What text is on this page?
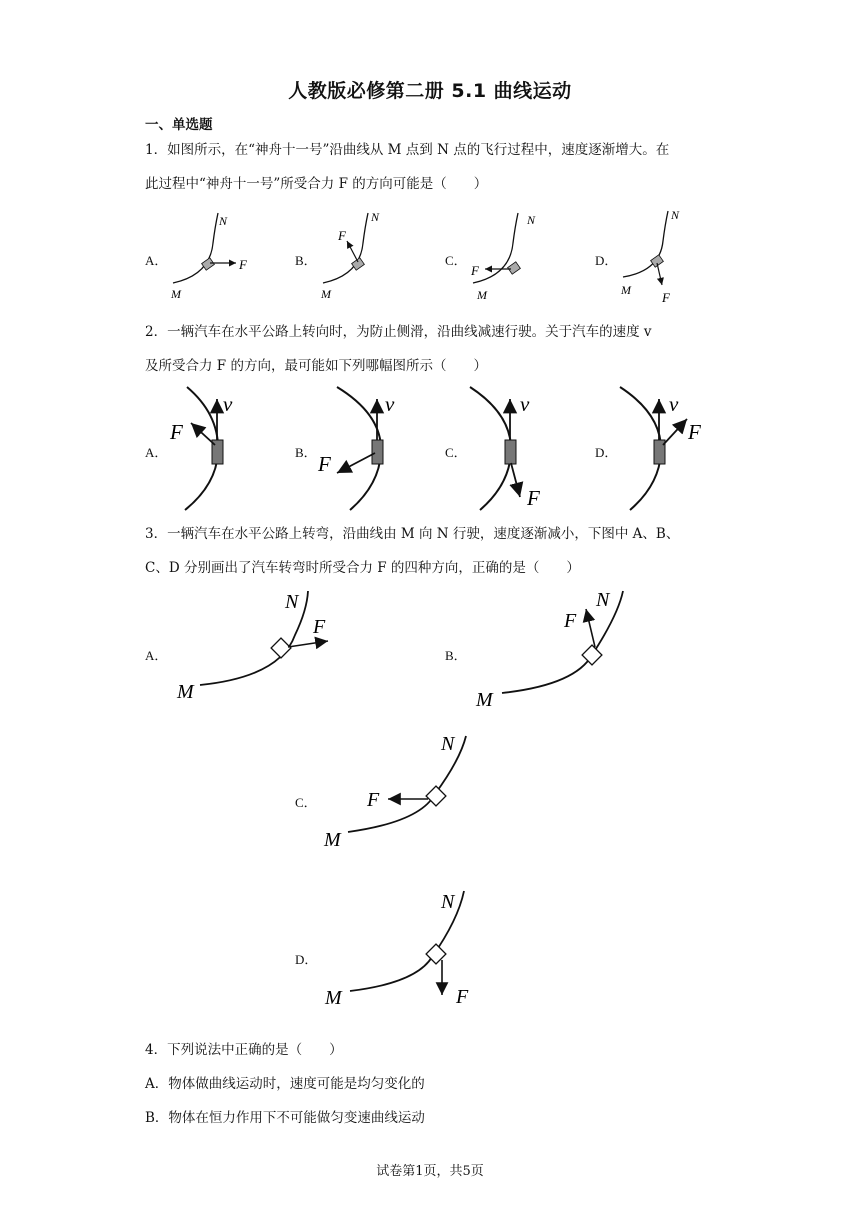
人教版必修第二册 5.1 曲线运动
一、单选题
1．如图所示，在“神舟十一号”沿曲线从 M 点到 N 点的飞行过程中，速度逐渐增大。在
此过程中“神舟十一号”所受合力 F 的方向可能是（　　）
A．	B．	C．	D．
F
N
M
F
N
M
F
N
M	F
N
M
2．一辆汽车在水平公路上转向时，为防止侧滑，沿曲线减速行驶。关于汽车的速度 v
及所受合力 F 的方向，最可能如下列哪幅图所示（　　）
A．	B．	C．	D．
v
F
v
F
v
F
v
F
3．一辆汽车在水平公路上转弯，沿曲线由 M 向 N 行驶，速度逐渐减小，下图中 A、B、
C、D 分别画出了汽车转弯时所受合力 F 的四种方向，正确的是（　　）
A．	B．
C．
D．
F
N
M
F
N
M
F
N
M
F
N
M
4．下列说法中正确的是（　　）
A．物体做曲线运动时，速度可能是均匀变化的
B．物体在恒力作用下不可能做匀变速曲线运动
试卷第1页，共5页
